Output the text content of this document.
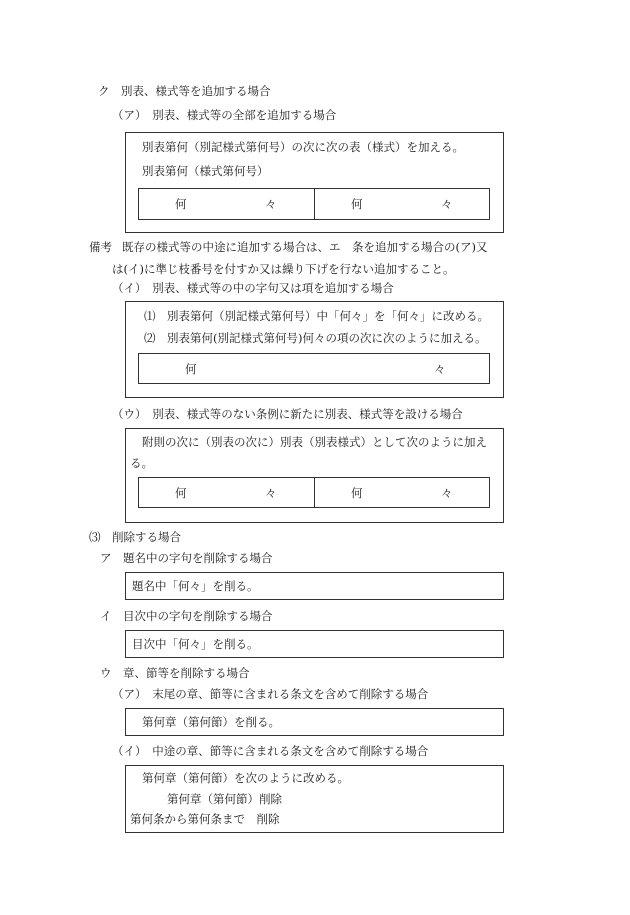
ク　別表、様式等を追加する場合
（ア）　別表、様式等の全部を追加する場合
別表第何（別記様式第何号）の次に次の表（様式）を加える。
別表第何（様式第何号）
何	々	何	々
備考 既存の様式等の中途に追加する場合は、エ　条を追加する場合の(ア)又
は(イ)に準じ枝番号を付すか又は繰り下げを行ない追加すること。
（イ）　別表、様式等の中の字句又は項を追加する場合
⑴　別表第何（別記様式第何号）中「何々」を「何々」に改める。
⑵　別表第何(別記様式第何号)何々の項の次に次のように加える。
何	々
（ウ）　別表、様式等のない条例に新たに別表、様式等を設ける場合
附則の次に（別表の次に）別表（別表様式）として次のように加え
る。
何	々	何	々
⑶　削除する場合
ア　題名中の字句を削除する場合
題名中「何々」を削る。
イ　目次中の字句を削除する場合
目次中「何々」を削る。
ウ　章、節等を削除する場合
（ア）　末尾の章、節等に含まれる条文を含めて削除する場合
第何章（第何節）を削る。
（イ）　中途の章、節等に含まれる条文を含めて削除する場合
第何章（第何節）を次のように改める。
第何章（第何節）削除
第何条から第何条まで　削除
